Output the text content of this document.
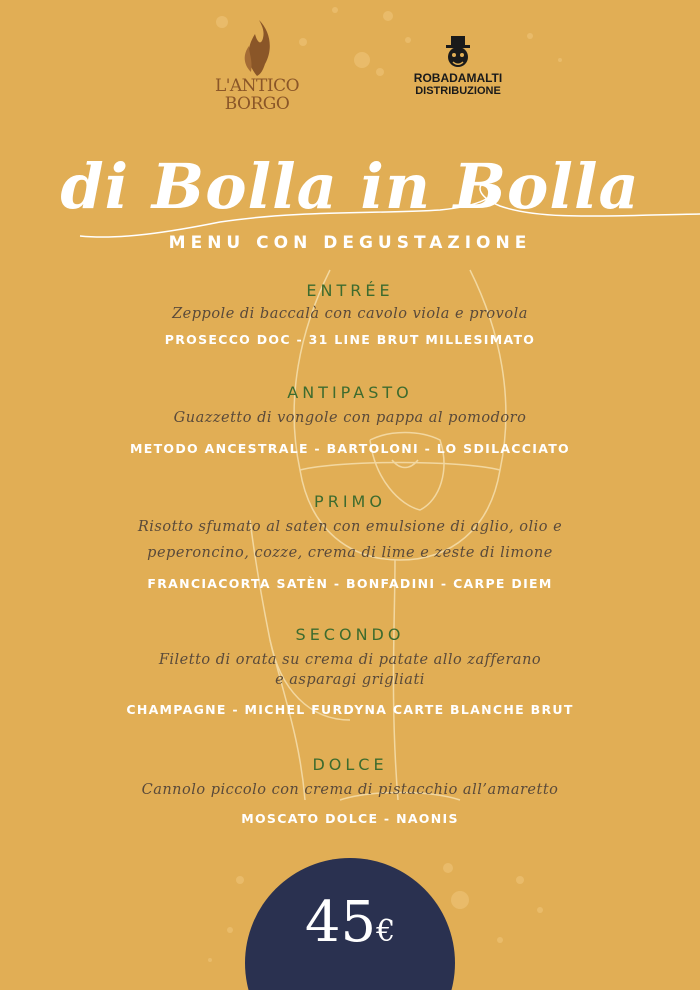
L'ANTICO
BORGO
ROBADAMALTI
DISTRIBUZIONE
di Bolla in Bolla
MENU CON DEGUSTAZIONE
ENTRÉE
Zeppole di baccalà con cavolo viola e provola
PROSECCO DOC - 31 LINE BRUT MILLESIMATO
ANTIPASTO
Guazzetto di vongole con pappa al pomodoro
METODO ANCESTRALE - BARTOLONI - LO SDILACCIATO
PRIMO
Risotto sfumato al saten con emulsione di aglio, olio e
peperoncino, cozze, crema di lime e zeste di limone
FRANCIACORTA SATÈN - BONFADINI - CARPE DIEM
SECONDO
Filetto di orata su crema di patate allo zafferano
e asparagi grigliati
CHAMPAGNE - MICHEL FURDYNA CARTE BLANCHE BRUT
DOLCE
Cannolo piccolo con crema di pistacchio all’amaretto
MOSCATO DOLCE - NAONIS
45€
